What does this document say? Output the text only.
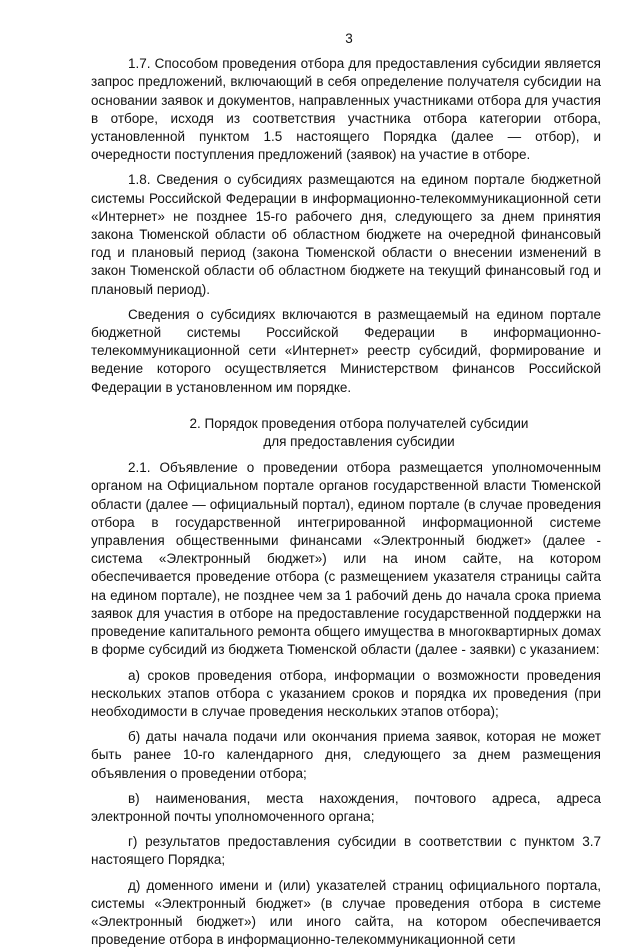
3

1.7. Способом проведения отбора для предоставления субсидии является запрос предложений, включающий в себя определение получателя субсидии на основании заявок и документов, направленных участниками отбора для участия в отборе, исходя из соответствия участника отбора категории отбора, установленной пунктом 1.5 настоящего Порядка (далее — отбор), и очередности поступления предложений (заявок) на участие в отборе.

1.8. Сведения о субсидиях размещаются на едином портале бюджетной системы Российской Федерации в информационно-телекоммуникационной сети «Интернет» не позднее 15-го рабочего дня, следующего за днем принятия закона Тюменской области об областном бюджете на очередной финансовый год и плановый период (закона Тюменской области о внесении изменений в закон Тюменской области об областном бюджете на текущий финансовый год и плановый период).

Сведения о субсидиях включаются в размещаемый на едином портале бюджетной системы Российской Федерации в информационно-телекоммуникационной сети «Интернет» реестр субсидий, формирование и ведение которого осуществляется Министерством финансов Российской Федерации в установленном им порядке.

2. Порядок проведения отбора получателей субсидии
для предоставления субсидии

2.1. Объявление о проведении отбора размещается уполномоченным органом на Официальном портале органов государственной власти Тюменской области (далее — официальный портал), едином портале (в случае проведения отбора в государственной интегрированной информационной системе управления общественными финансами «Электронный бюджет» (далее - система «Электронный бюджет») или на ином сайте, на котором обеспечивается проведение отбора (с размещением указателя страницы сайта на едином портале), не позднее чем за 1 рабочий день до начала срока приема заявок для участия в отборе на предоставление государственной поддержки на проведение капитального ремонта общего имущества в многоквартирных домах в форме субсидий из бюджета Тюменской области (далее - заявки) с указанием:

а) сроков проведения отбора, информации о возможности проведения нескольких этапов отбора с указанием сроков и порядка их проведения (при необходимости в случае проведения нескольких этапов отбора);

б) даты начала подачи или окончания приема заявок, которая не может быть ранее 10-го календарного дня, следующего за днем размещения объявления о проведении отбора;

в) наименования, места нахождения, почтового адреса, адреса электронной почты уполномоченного органа;

г) результатов предоставления субсидии в соответствии с пунктом 3.7 настоящего Порядка;

д) доменного имени и (или) указателей страниц официального портала, системы «Электронный бюджет» (в случае проведения отбора в системе «Электронный бюджет») или иного сайта, на котором обеспечивается проведение отбора в информационно-телекоммуникационной сети
